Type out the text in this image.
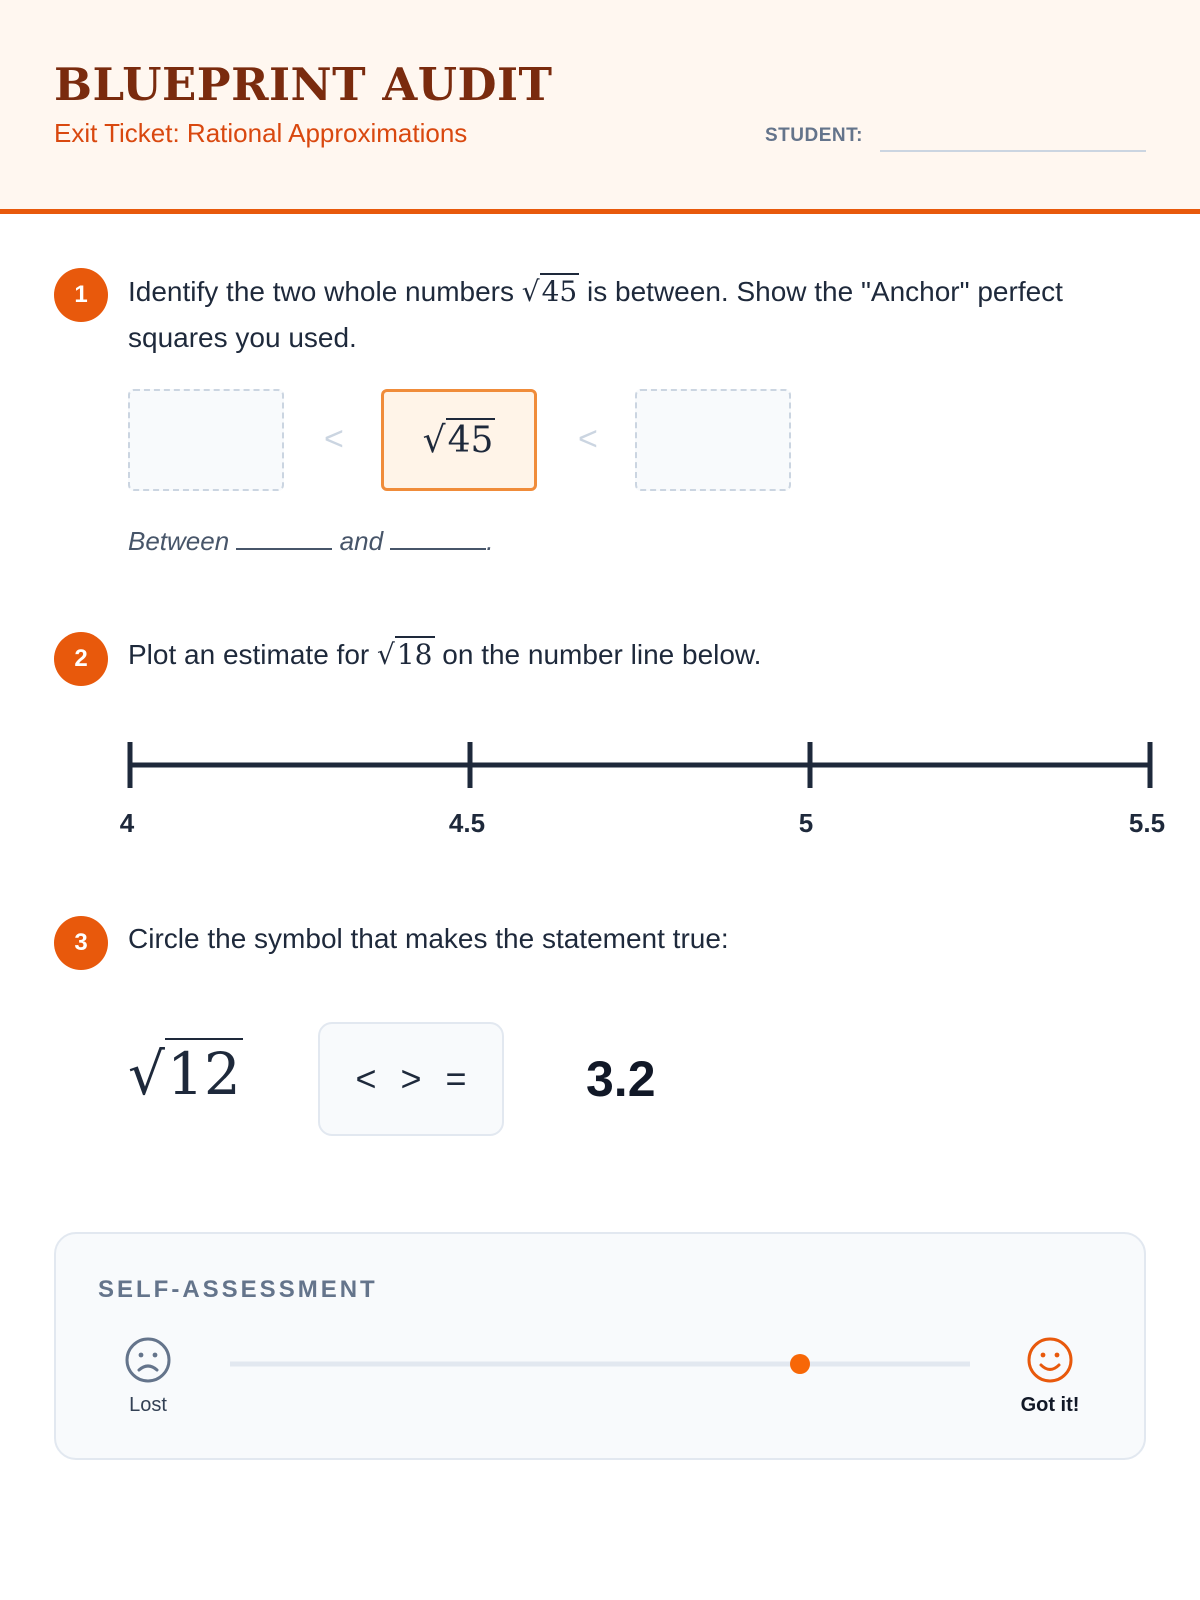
BLUEPRINT AUDIT
Exit Ticket: Rational Approximations	STUDENT:
1	Identify the two whole numbers √45 is between. Show the "Anchor" perfect squares you used.
< √45 <
Between	and	.
2	Plot an estimate for √18 on the number line below.
4	4.5	5	5.5
3	Circle the symbol that makes the statement true:
√12	< > = 3.2
SELF-ASSESSMENT
Lost	Got it!
